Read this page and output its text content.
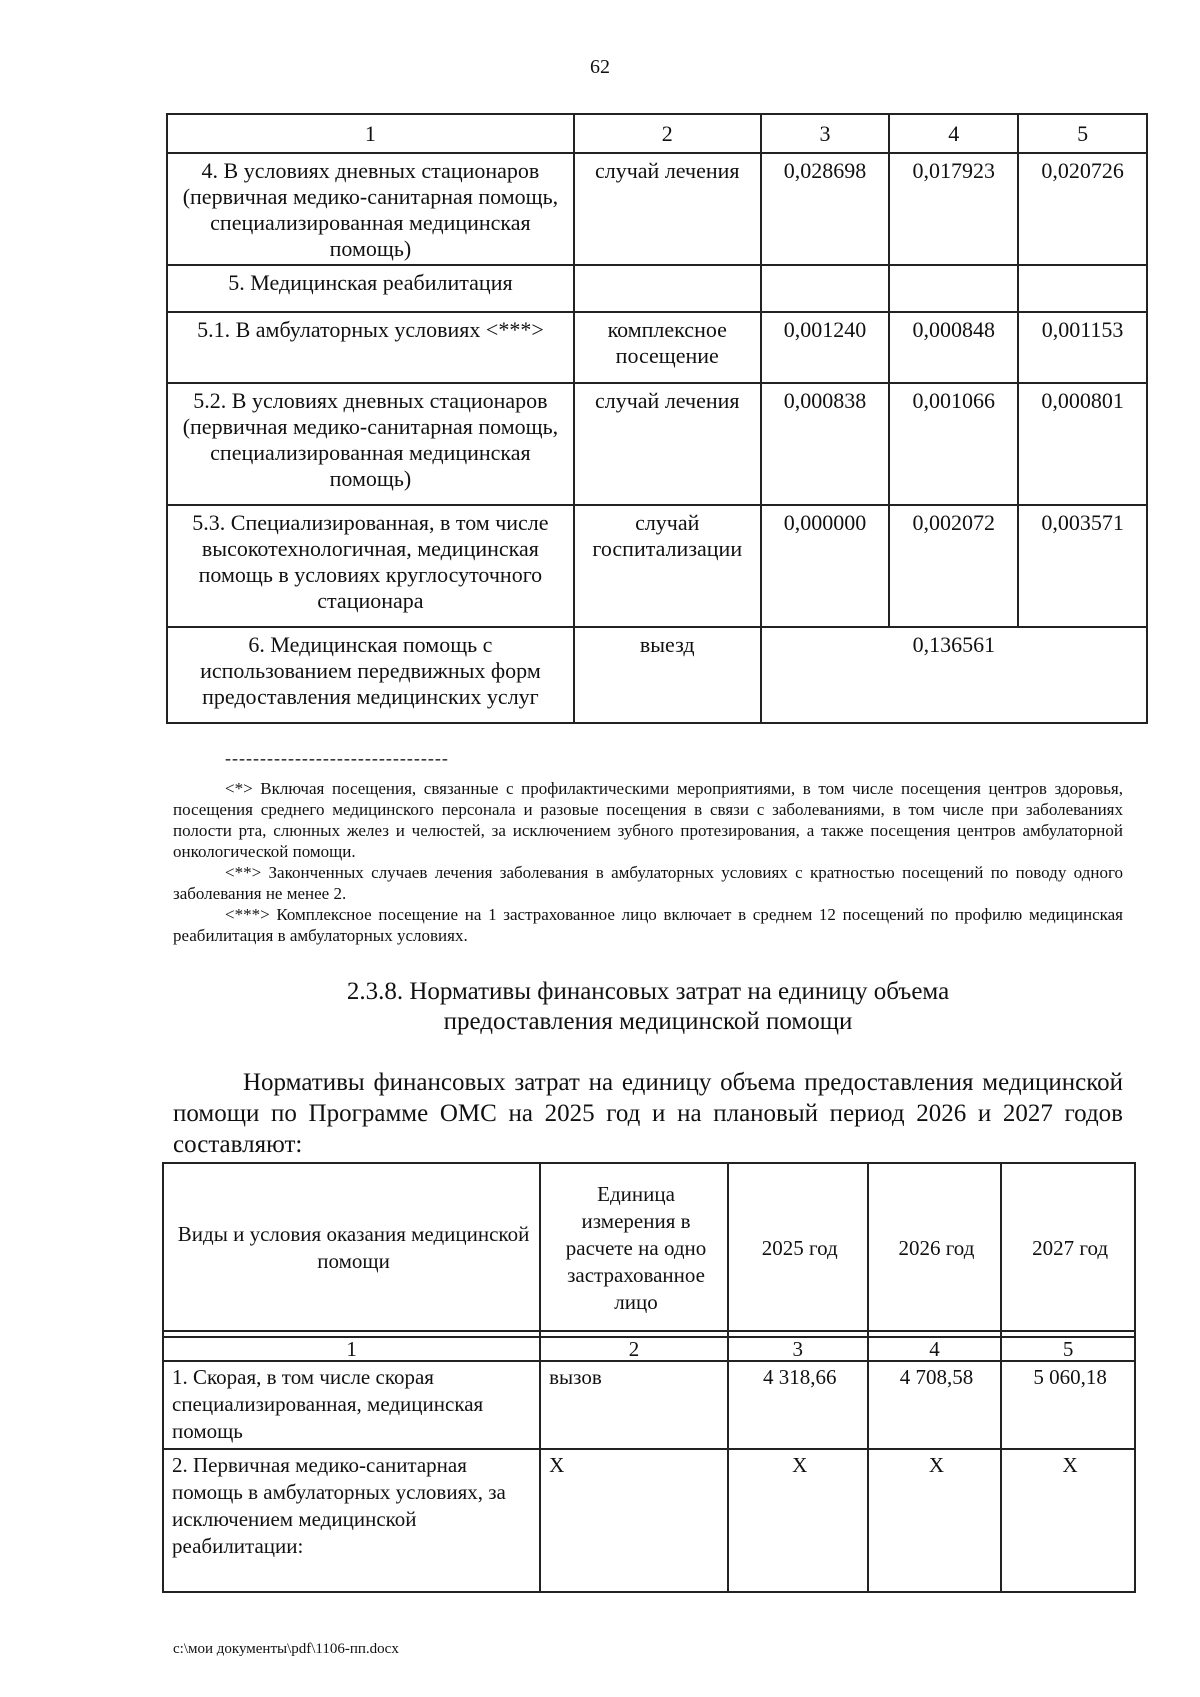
62
1	2	3	4	5
4. В условиях дневных стационаров (первичная медико-санитарная помощь, специализированная медицинская помощь)	случай лечения	0,028698	0,017923	0,020726
5. Медицинская реабилитация				
5.1. В амбулаторных условиях <***>	комплексное посещение	0,001240	0,000848	0,001153
5.2. В условиях дневных стационаров (первичная медико-санитарная помощь, специализированная медицинская помощь)	случай лечения	0,000838	0,001066	0,000801
5.3. Специализированная, в том числе высокотехнологичная, медицинская помощь в условиях круглосуточного стационара	случай госпитализации	0,000000	0,002072	0,003571
6. Медицинская помощь с использованием передвижных форм предоставления медицинских услуг	выезд	0,136561		
--------------------------------

<*> Включая посещения, связанные с профилактическими мероприятиями, в том числе посещения центров здоровья, посещения среднего медицинского персонала и разовые посещения в связи с заболеваниями, в том числе при заболеваниях полости рта, слюнных желез и челюстей, за исключением зубного протезирования, а также посещения центров амбулаторной онкологической помощи.

<**> Законченных случаев лечения заболевания в амбулаторных условиях с кратностью посещений по поводу одного заболевания не менее 2.

<***> Комплексное посещение на 1 застрахованное лицо включает в среднем 12 посещений по профилю медицинская реабилитация в амбулаторных условиях.

2.3.8. Нормативы финансовых затрат на единицу объема
предоставления медицинской помощи

Нормативы финансовых затрат на единицу объема предоставления медицинской помощи по Программе ОМС на 2025 год и на плановый период 2026 и 2027 годов составляют:

Виды и условия оказания медицинской помощи	Единица измерения в расчете на одно застрахованное лицо	2025 год	2026 год	2027 год

1	2	3	4	5
1. Скорая, в том числе скорая специализированная, медицинская помощь	вызов	4 318,66	4 708,58	5 060,18
2. Первичная медико-санитарная помощь в амбулаторных условиях, за исключением медицинской реабилитации:	X	X	X	X
c:\мои документы\pdf\1106-пп.docx
